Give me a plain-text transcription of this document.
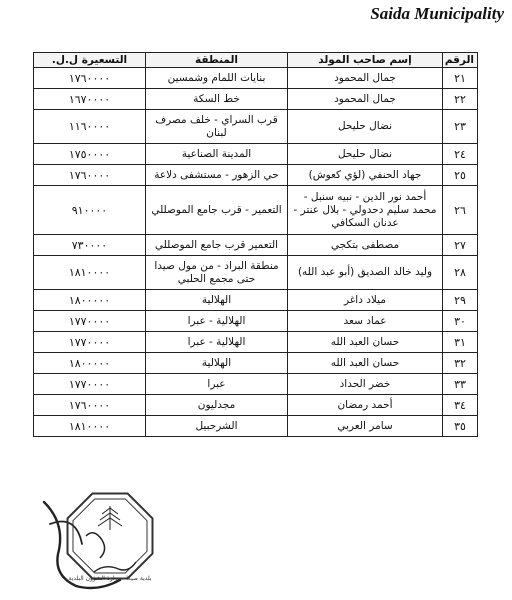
Saida Municipality
الرقم	إسم صاحب المولد	المنطقة	التسعيرة ل.ل.
٢١	جمال المحمود	بنايات اللمام وشمسين	١٧٦٠٠٠٠
٢٢	جمال المحمود	خط السكة	١٦٧٠٠٠٠
٢٣	نضال حليحل	قرب السراي - خلف مصرف لبنان	١١٦٠٠٠٠
٢٤	نضال حليحل	المدينة الصناعية	١٧٥٠٠٠٠
٢٥	جهاد الحنفي (لؤي كعوش)	حي الزهور - مستشفى دلاعة	١٧٦٠٠٠٠
٢٦	أحمد نور الدين - نبيه سنبل - محمد سليم دحدولي - بلال عنتر - عدنان السكافي	التعمير - قرب جامع الموصللي	٩١٠٠٠٠
٢٧	مصطفى بتكجي	التعمير قرب جامع الموصللي	٧٣٠٠٠٠
٢٨	وليد خالد الصديق (أبو عبد الله)	منطقة البراد - من مول صيدا حتى مجمع الحلبي	١٨١٠٠٠٠
٢٩	ميلاد داغر	الهلالية	١٨٠٠٠٠٠
٣٠	عماد سعد	الهلالية - عبرا	١٧٧٠٠٠٠
٣١	حسان العبد الله	الهلالية - عبرا	١٧٧٠٠٠٠
٣٢	حسان العبد الله	الهلالية	١٨٠٠٠٠٠
٣٣	خضر الحداد	عبرا	١٧٧٠٠٠٠
٣٤	أحمد رمضان	مجدليون	١٧٦٠٠٠٠
٣٥	سامر العربي	الشرحبيل	١٨١٠٠٠٠
بلدية صيدا - وزارة الشؤون البلدية
